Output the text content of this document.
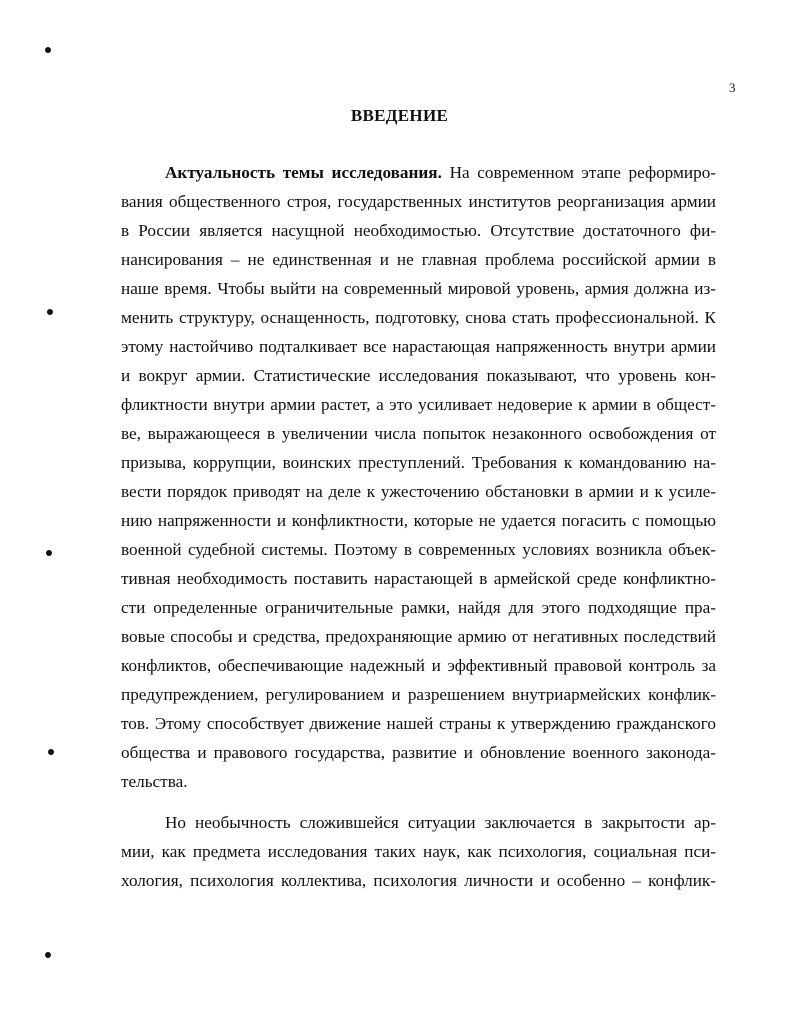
3
ВВЕДЕНИЕ
Актуальность темы исследования. На современном этапе реформиро-
вания общественного строя, государственных институтов реорганизация армии
в России является насущной необходимостью. Отсутствие достаточного фи-
нансирования – не единственная и не главная проблема российской армии в
наше время. Чтобы выйти на современный мировой уровень, армия должна из-
менить структуру, оснащенность, подготовку, снова стать профессиональной. К
этому настойчиво подталкивает все нарастающая напряженность внутри армии
и вокруг армии. Статистические исследования показывают, что уровень кон-
фликтности внутри армии растет, а это усиливает недоверие к армии в общест-
ве, выражающееся в увеличении числа попыток незаконного освобождения от
призыва, коррупции, воинских преступлений. Требования к командованию на-
вести порядок приводят на деле к ужесточению обстановки в армии и к усиле-
нию напряженности и конфликтности, которые не удается погасить с помощью
военной судебной системы. Поэтому в современных условиях возникла объек-
тивная необходимость поставить нарастающей в армейской среде конфликтно-
сти определенные ограничительные рамки, найдя для этого подходящие пра-
вовые способы и средства, предохраняющие армию от негативных последствий
конфликтов, обеспечивающие надежный и эффективный правовой контроль за
предупреждением, регулированием и разрешением внутриармейских конфлик-
тов. Этому способствует движение нашей страны к утверждению гражданского
общества и правового государства, развитие и обновление военного законода-
тельства.
Но необычность сложившейся ситуации заключается в закрытости ар-
мии, как предмета исследования таких наук, как психология, социальная пси-
хология, психология коллектива, психология личности и особенно – конфлик-
